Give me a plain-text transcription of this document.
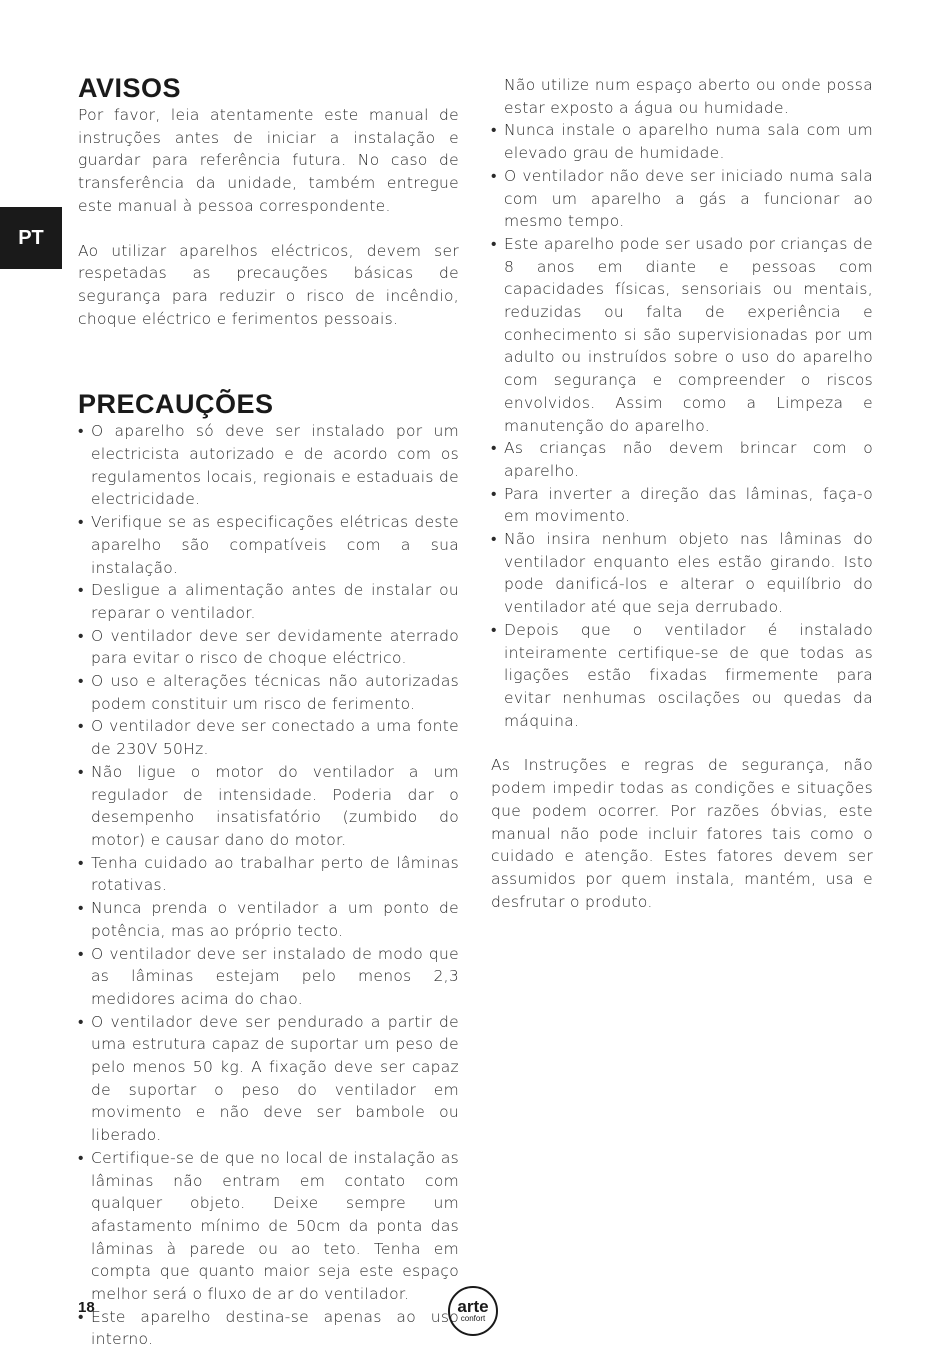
PT
AVISOS

Por favor, leia atentamente este manual de instruções antes de iniciar a instalação e guardar para referência futura. No caso de transferência da unidade, também entregue este manual à pessoa correspondente.

Ao utilizar aparelhos eléctricos, devem ser respetadas as precauções básicas de segurança para reduzir o risco de incêndio, choque eléctrico e ferimentos pessoais.

PRECAUÇÕES
• O aparelho só deve ser instalado por um electricista autorizado e de acordo com os regulamentos locais, regionais e estaduais de electricidade.
• Verifique se as especificações elétricas deste aparelho são compatíveis com a sua instalação.
• Desligue a alimentação antes de instalar ou reparar o ventilador.
• O ventilador deve ser devidamente aterrado para evitar o risco de choque eléctrico.
• O uso e alterações técnicas não autorizadas podem constituir um risco de ferimento.
• O ventilador deve ser conectado a uma fonte de 230V 50Hz.
• Não ligue o motor do ventilador a um regulador de intensidade. Poderia dar o desempenho insatisfatório (zumbido do motor) e causar dano do motor.
• Tenha cuidado ao trabalhar perto de lâminas rotativas.
• Nunca prenda o ventilador a um ponto de potência, mas ao próprio tecto.
• O ventilador deve ser instalado de modo que as lâminas estejam pelo menos 2,3 medidores acima do chao.
• O ventilador deve ser pendurado a partir de uma estrutura capaz de suportar um peso de pelo menos 50 kg. A fixação deve ser capaz de suportar o peso do ventilador em movimento e não deve ser bambole ou liberado.
• Certifique-se de que no local de instalação as lâminas não entram em contato com qualquer objeto. Deixe sempre um afastamento mínimo de 50cm da ponta das lâminas à parede ou ao teto. Tenha em compta que quanto maior seja este espaço melhor será o fluxo de ar do ventilador.
• Este aparelho destina-se apenas ao uso interno.

Não utilize num espaço aberto ou onde possa estar exposto a água ou humidade.

• Nunca instale o aparelho numa sala com um elevado grau de humidade.
• O ventilador não deve ser iniciado numa sala com um aparelho a gás a funcionar ao mesmo tempo.
• Este aparelho pode ser usado por crianças de 8 anos em diante e pessoas com capacidades físicas, sensoriais ou mentais, reduzidas ou falta de experiência e conhecimento si são supervisionadas por um adulto ou instruídos sobre o uso do aparelho com segurança e compreender o riscos envolvidos. Assim como a Limpeza e manutenção do aparelho.
• As crianças não devem brincar com o aparelho.
• Para inverter a direção das lâminas, faça-o em movimento.
• Não insira nenhum objeto nas lâminas do ventilador enquanto eles estão girando. Isto pode danificá-los e alterar o equilíbrio do ventilador até que seja derrubado.
• Depois que o ventilador é instalado inteiramente certifique-se de que todas as ligações estão fixadas firmemente para evitar nenhumas oscilações ou quedas da máquina.

As Instruções e regras de segurança, não podem impedir todas as condições e situações que podem ocorrer. Por razões óbvias, este manual não pode incluir fatores tais como o cuidado e atenção. Estes fatores devem ser assumidos por quem instala, mantém, usa e desfrutar o produto.

18	arte
confort
